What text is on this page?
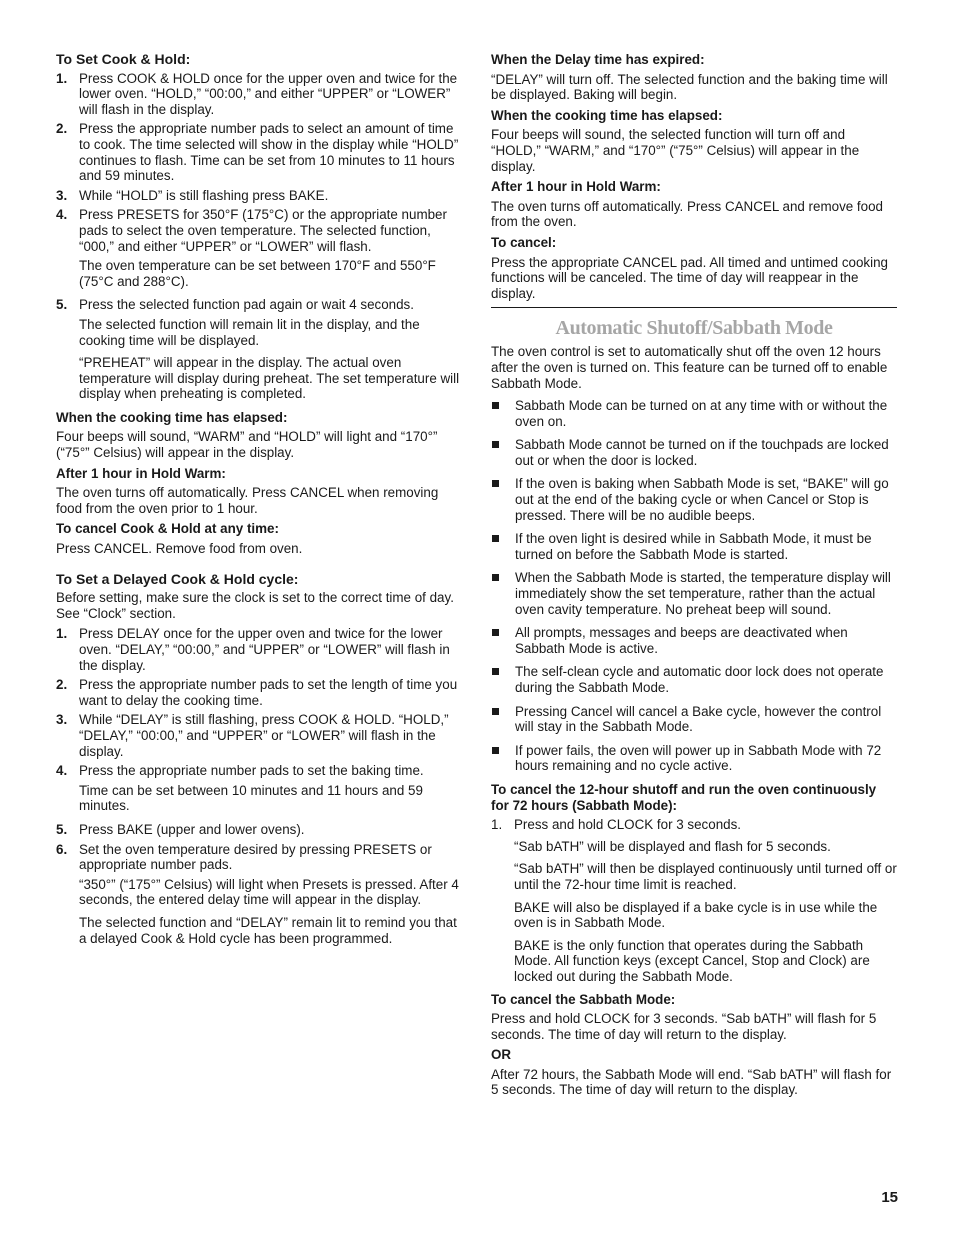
To Set Cook & Hold:

1. Press COOK & HOLD once for the upper oven and twice for the lower oven. “HOLD,” “00:00,” and either “UPPER” or “LOWER” will flash in the display.
2. Press the appropriate number pads to select an amount of time to cook. The time selected will show in the display while “HOLD” continues to flash. Time can be set from 10 minutes to 11 hours and 59 minutes.
3. While “HOLD” is still flashing press BAKE.
4. Press PRESETS for 350°F (175°C) or the appropriate number pads to select the oven temperature. The selected function, “000,” and either “UPPER” or “LOWER” will flash.

The oven temperature can be set between 170°F and 550°F (75°C and 288°C).

5. Press the selected function pad again or wait 4 seconds.

The selected function will remain lit in the display, and the cooking time will be displayed.

“PREHEAT” will appear in the display. The actual oven temperature will display during preheat. The set temperature will display when preheating is completed.

When the cooking time has elapsed:

Four beeps will sound, “WARM” and “HOLD” will light and “170°” (“75°” Celsius) will appear in the display.

After 1 hour in Hold Warm:

The oven turns off automatically. Press CANCEL when removing food from the oven prior to 1 hour.

To cancel Cook & Hold at any time:

Press CANCEL. Remove food from oven.

To Set a Delayed Cook & Hold cycle:

Before setting, make sure the clock is set to the correct time of day. See “Clock” section.

1. Press DELAY once for the upper oven and twice for the lower oven. “DELAY,” “00:00,” and “UPPER” or “LOWER” will flash in the display.
2. Press the appropriate number pads to set the length of time you want to delay the cooking time.
3. While “DELAY” is still flashing, press COOK & HOLD. “HOLD,” “DELAY,” “00:00,” and “UPPER” or “LOWER” will flash in the display.
4. Press the appropriate number pads to set the baking time.

Time can be set between 10 minutes and 11 hours and 59 minutes.

5. Press BAKE (upper and lower ovens).
6. Set the oven temperature desired by pressing PRESETS or appropriate number pads.

“350°” (“175°” Celsius) will light when Presets is pressed. After 4 seconds, the entered delay time will appear in the display.

The selected function and “DELAY” remain lit to remind you that a delayed Cook & Hold cycle has been programmed.

When the Delay time has expired:

“DELAY” will turn off. The selected function and the baking time will be displayed. Baking will begin.

When the cooking time has elapsed:

Four beeps will sound, the selected function will turn off and “HOLD,” “WARM,” and “170°” (“75°” Celsius) will appear in the display.

After 1 hour in Hold Warm:

The oven turns off automatically. Press CANCEL and remove food from the oven.

To cancel:

Press the appropriate CANCEL pad. All timed and untimed cooking functions will be canceled. The time of day will reappear in the display.

Automatic Shutoff/Sabbath Mode

The oven control is set to automatically shut off the oven 12 hours after the oven is turned on. This feature can be turned off to enable Sabbath Mode.

Sabbath Mode can be turned on at any time with or without the oven on.
Sabbath Mode cannot be turned on if the touchpads are locked out or when the door is locked.
If the oven is baking when Sabbath Mode is set, “BAKE” will go out at the end of the baking cycle or when Cancel or Stop is pressed. There will be no audible beeps.
If the oven light is desired while in Sabbath Mode, it must be turned on before the Sabbath Mode is started.
When the Sabbath Mode is started, the temperature display will immediately show the set temperature, rather than the actual oven cavity temperature. No preheat beep will sound.
All prompts, messages and beeps are deactivated when Sabbath Mode is active.
The self-clean cycle and automatic door lock does not operate during the Sabbath Mode.
Pressing Cancel will cancel a Bake cycle, however the control will stay in the Sabbath Mode.
If power fails, the oven will power up in Sabbath Mode with 72 hours remaining and no cycle active.

To cancel the 12-hour shutoff and run the oven continuously for 72 hours (Sabbath Mode):

1. Press and hold CLOCK for 3 seconds.

“Sab bATH” will be displayed and flash for 5 seconds.

“Sab bATH” will then be displayed continuously until turned off or until the 72-hour time limit is reached.

BAKE will also be displayed if a bake cycle is in use while the oven is in Sabbath Mode.

BAKE is the only function that operates during the Sabbath Mode. All function keys (except Cancel, Stop and Clock) are locked out during the Sabbath Mode.

To cancel the Sabbath Mode:

Press and hold CLOCK for 3 seconds. “Sab bATH” will flash for 5 seconds. The time of day will return to the display.

OR

After 72 hours, the Sabbath Mode will end. “Sab bATH” will flash for 5 seconds. The time of day will return to the display.

15
